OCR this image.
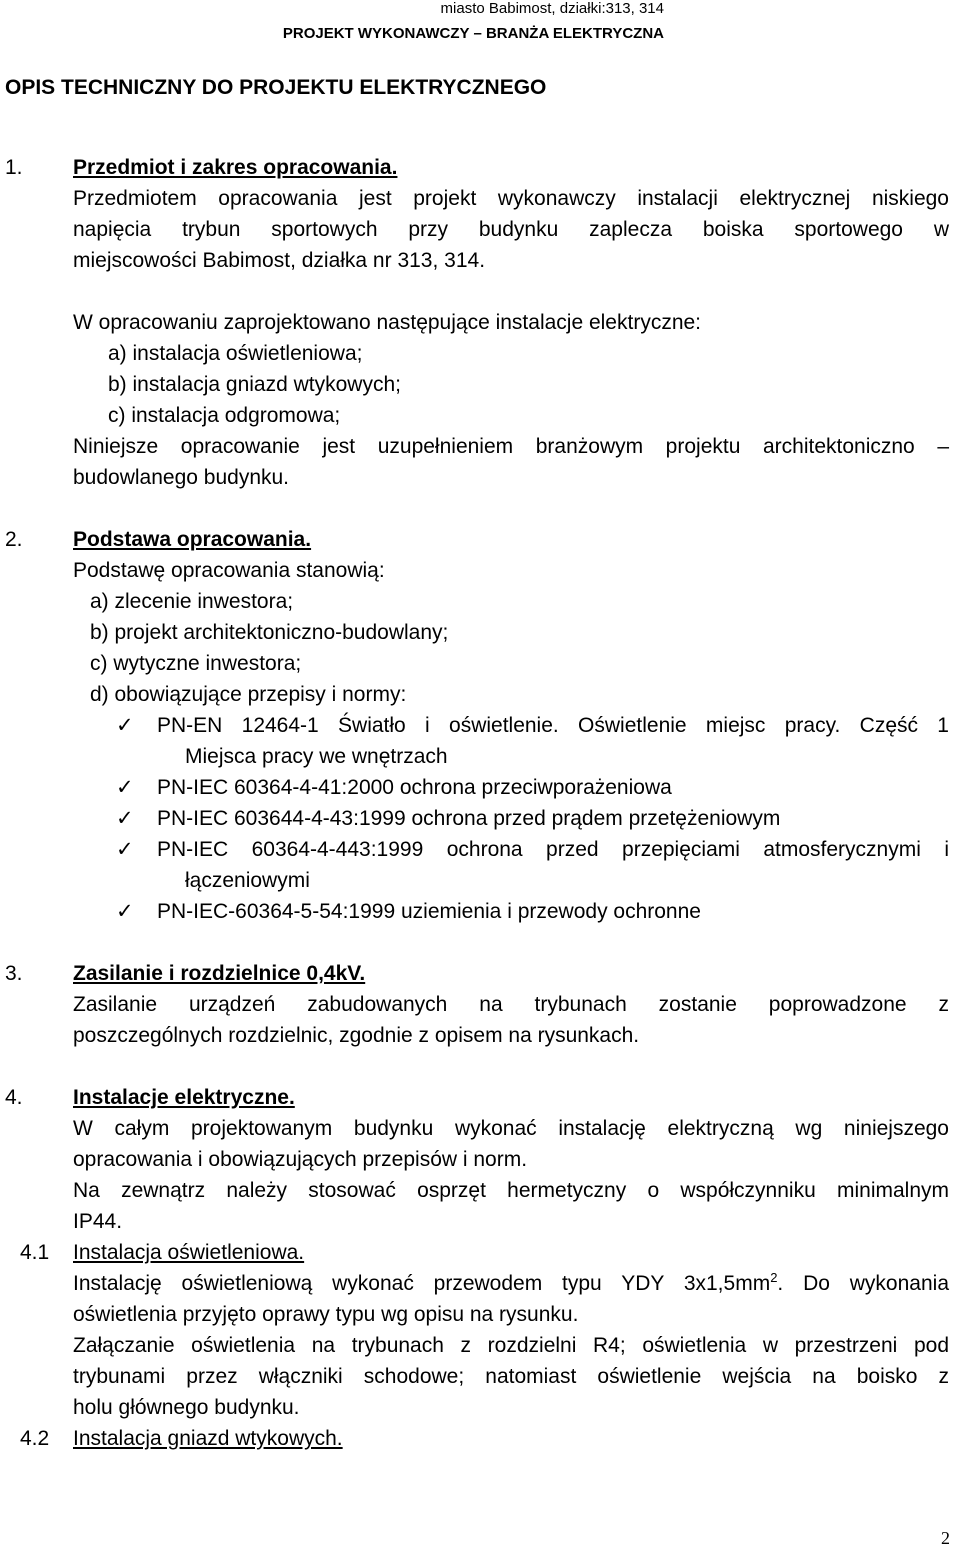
miasto Babimost, działki:313, 314
PROJEKT WYKONAWCZY – BRANŻA ELEKTRYCZNA
OPIS TECHNICZNY DO PROJEKTU ELEKTRYCZNEGO
1. Przedmiot i zakres opracowania.
Przedmiotem opracowania jest projekt wykonawczy instalacji elektrycznej niskiego
napięcia trybun sportowych przy budynku zaplecza boiska sportowego w
miejscowości Babimost, działka nr 313, 314.
W opracowaniu zaprojektowano następujące instalacje elektryczne:
a) instalacja oświetleniowa;
b) instalacja gniazd wtykowych;
c) instalacja odgromowa;
Niniejsze opracowanie jest uzupełnieniem branżowym projektu architektoniczno –
budowlanego budynku.
2. Podstawa opracowania.
Podstawę opracowania stanowią:
a) zlecenie inwestora;
b) projekt architektoniczno-budowlany;
c) wytyczne inwestora;
d) obowiązujące przepisy i normy:
✓ PN-EN 12464-1 Światło i oświetlenie. Oświetlenie miejsc pracy. Część 1
Miejsca pracy we wnętrzach
✓ PN-IEC 60364-4-41:2000 ochrona przeciwporażeniowa
✓ PN-IEC 603644-4-43:1999 ochrona przed prądem przetężeniowym
✓ PN-IEC 60364-4-443:1999 ochrona przed przepięciami atmosferycznymi i
łączeniowymi
✓ PN-IEC-60364-5-54:1999 uziemienia i przewody ochronne
3. Zasilanie i rozdzielnice 0,4kV.
Zasilanie urządzeń zabudowanych na trybunach zostanie poprowadzone z
poszczególnych rozdzielnic, zgodnie z opisem na rysunkach.
4. Instalacje elektryczne.
W całym projektowanym budynku wykonać instalację elektryczną wg niniejszego
opracowania i obowiązujących przepisów i norm.
Na zewnątrz należy stosować osprzęt hermetyczny o współczynniku minimalnym
IP44.
4.1 Instalacja oświetleniowa.
Instalację oświetleniową wykonać przewodem typu YDY $3x1,5mm^2$. Do wykonania
oświetlenia przyjęto oprawy typu wg opisu na rysunku.
Załączanie oświetlenia na trybunach z rozdzielni R4; oświetlenia w przestrzeni pod
trybunami przez włączniki schodowe; natomiast oświetlenie wejścia na boisko z
holu głównego budynku.
4.2 Instalacja gniazd wtykowych.
2
